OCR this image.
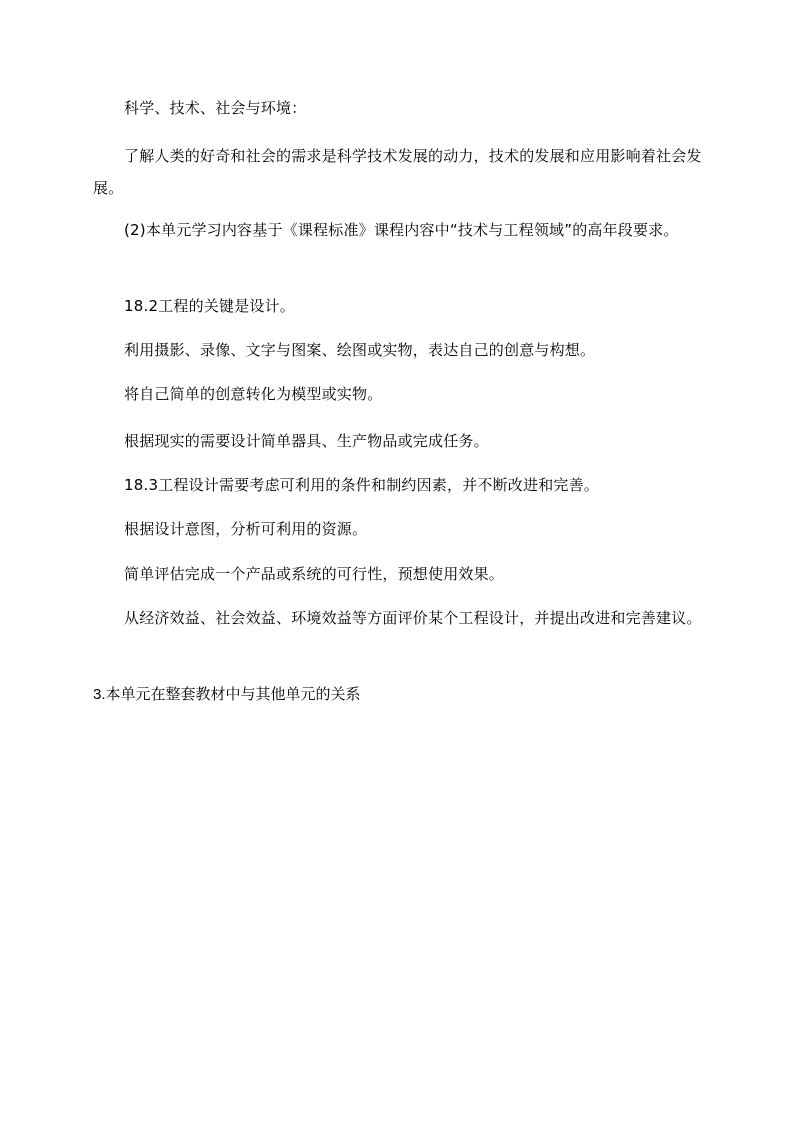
科学、技术、社会与环境：

了解人类的好奇和社会的需求是科学技术发展的动力，技术的发展和应用影响着社会发展。

(2)本单元学习内容基于《课程标准》课程内容中“技术与工程领域”的高年段要求。

18.2工程的关键是设计。

利用摄影、录像、文字与图案、绘图或实物，表达自己的创意与构想。

将自己简单的创意转化为模型或实物。

根据现实的需要设计简单器具、生产物品或完成任务。

18.3工程设计需要考虑可利用的条件和制约因素，并不断改进和完善。

根据设计意图，分析可利用的资源。

简单评估完成一个产品或系统的可行性，预想使用效果。

从经济效益、社会效益、环境效益等方面评价某个工程设计，并提出改进和完善建议。

3.本单元在整套教材中与其他单元的关系
